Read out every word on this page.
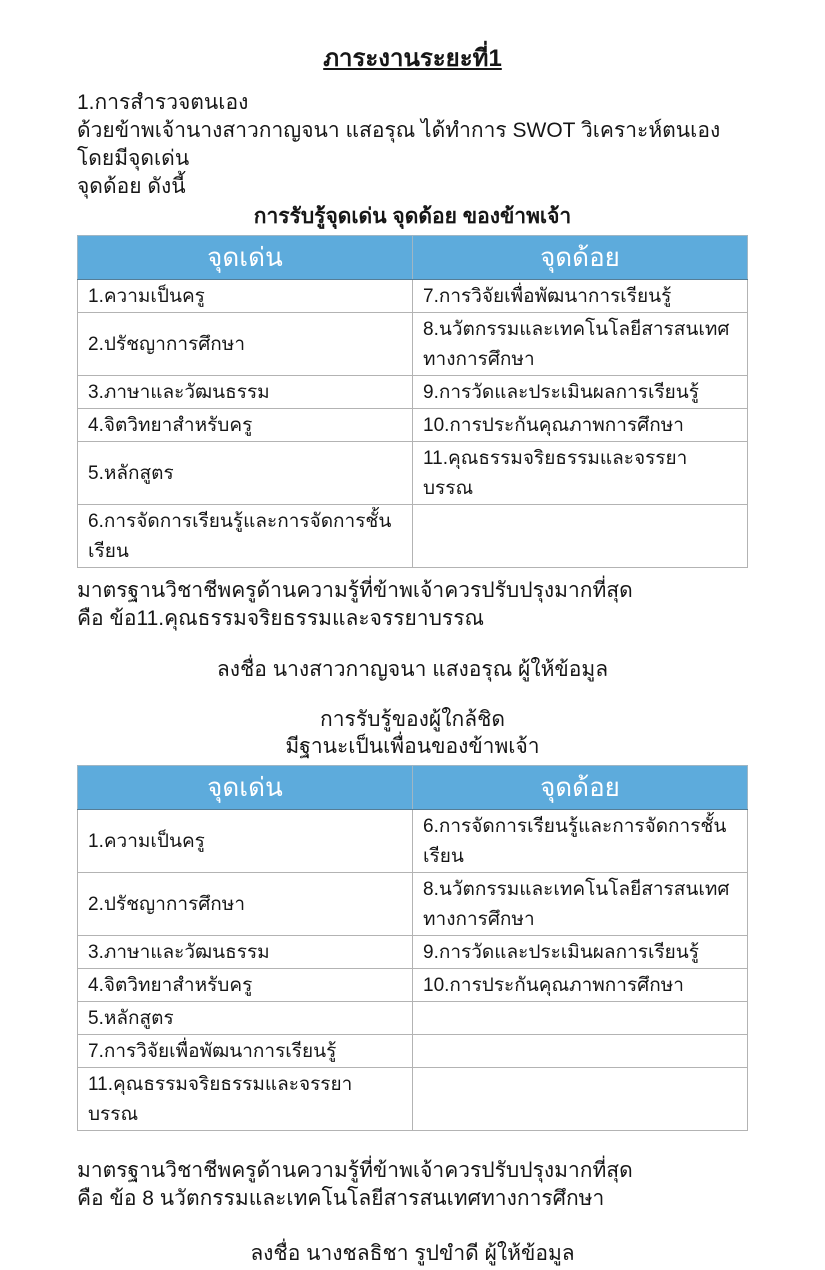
ภาระงานระยะที่1

1.การสำรวจตนเอง

ด้วยข้าพเจ้านางสาวกาญจนา แสอรุณ ได้ทำการ SWOT วิเคราะห์ตนเองโดยมีจุดเด่น

จุดด้อย ดังนี้

การรับรู้จุดเด่น จุดด้อย ของข้าพเจ้า
จุดเด่น	จุดด้อย
1.ความเป็นครู	7.การวิจัยเพื่อพัฒนาการเรียนรู้
2.ปรัชญาการศึกษา	8.นวัตกรรมและเทคโนโลยีสารสนเทศทางการศึกษา
3.ภาษาและวัฒนธรรม	9.การวัดและประเมินผลการเรียนรู้
4.จิตวิทยาสำหรับครู	10.การประกันคุณภาพการศึกษา
5.หลักสูตร	11.คุณธรรมจริยธรรมและจรรยาบรรณ
6.การจัดการเรียนรู้และการจัดการชั้นเรียน	

มาตรฐานวิชาชีพครูด้านความรู้ที่ข้าพเจ้าควรปรับปรุงมากที่สุด

คือ ข้อ11.คุณธรรมจริยธรรมและจรรยาบรรณ

ลงชื่อ นางสาวกาญจนา แสงอรุณ ผู้ให้ข้อมูล

การรับรู้ของผู้ใกล้ชิด
มีฐานะเป็นเพื่อนของข้าพเจ้า
จุดเด่น	จุดด้อย
1.ความเป็นครู	6.การจัดการเรียนรู้และการจัดการชั้นเรียน
2.ปรัชญาการศึกษา	8.นวัตกรรมและเทคโนโลยีสารสนเทศทางการศึกษา
3.ภาษาและวัฒนธรรม	9.การวัดและประเมินผลการเรียนรู้
4.จิตวิทยาสำหรับครู	10.การประกันคุณภาพการศึกษา
5.หลักสูตร	
7.การวิจัยเพื่อพัฒนาการเรียนรู้	
11.คุณธรรมจริยธรรมและจรรยาบรรณ	

มาตรฐานวิชาชีพครูด้านความรู้ที่ข้าพเจ้าควรปรับปรุงมากที่สุด

คือ ข้อ 8 นวัตกรรมและเทคโนโลยีสารสนเทศทางการศึกษา

ลงชื่อ นางชลธิชา รูปขำดี ผู้ให้ข้อมูล
